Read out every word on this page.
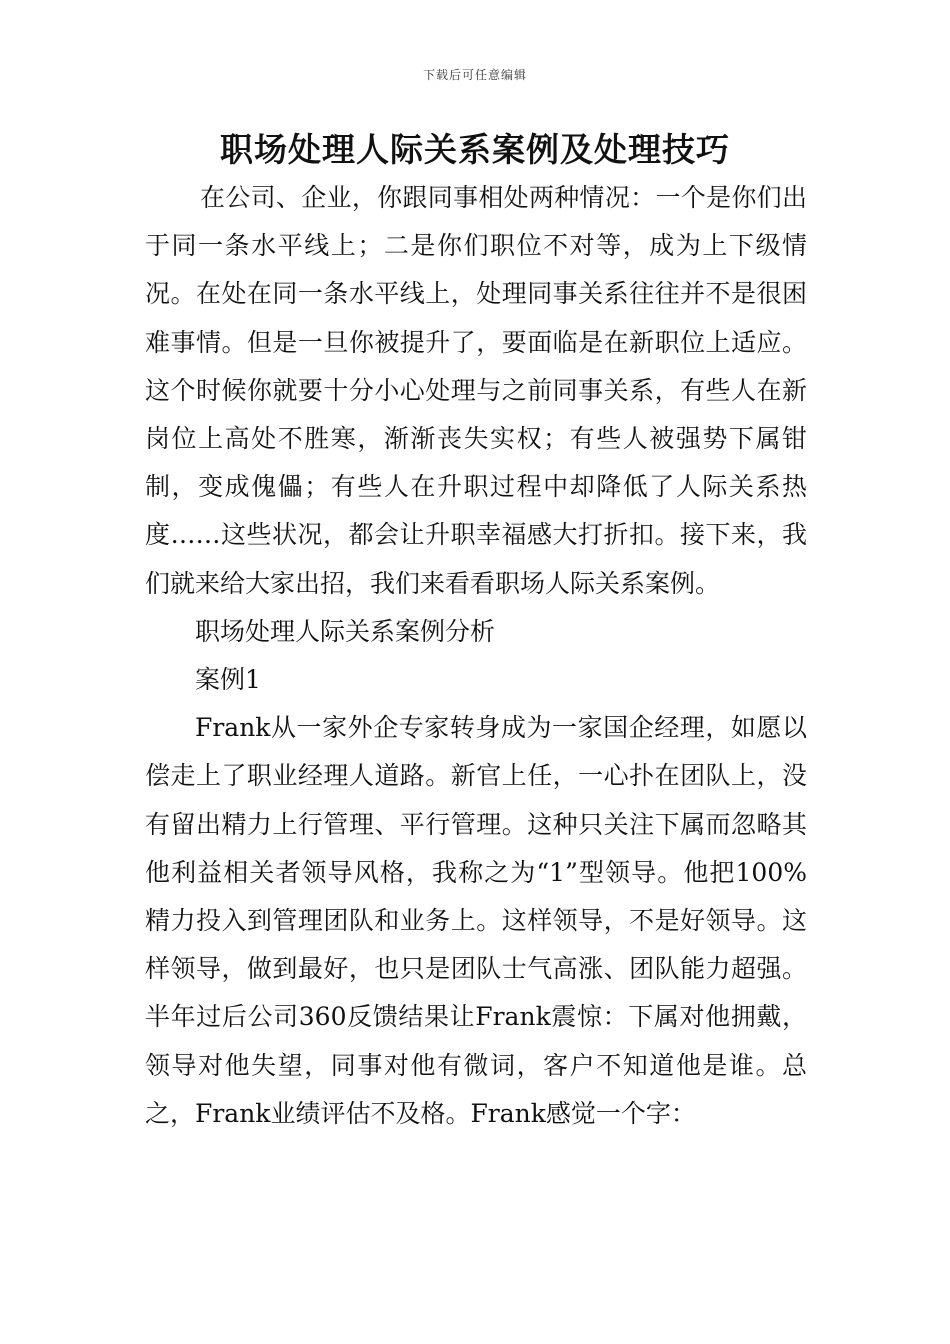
下载后可任意编辑
职场处理人际关系案例及处理技巧

在公司、企业，你跟同事相处两种情况：一个是你们出于同一条水平线上；二是你们职位不对等，成为上下级情况。在处在同一条水平线上，处理同事关系往往并不是很困难事情。但是一旦你被提升了，要面临是在新职位上适应。这个时候你就要十分小心处理与之前同事关系，有些人在新岗位上高处不胜寒，渐渐丧失实权；有些人被强势下属钳制，变成傀儡；有些人在升职过程中却降低了人际关系热度……这些状况，都会让升职幸福感大打折扣。接下来，我们就来给大家出招，我们来看看职场人际关系案例。

职场处理人际关系案例分析

案例1

Frank从一家外企专家转身成为一家国企经理，如愿以偿走上了职业经理人道路。新官上任，一心扑在团队上，没有留出精力上行管理、平行管理。这种只关注下属而忽略其他利益相关者领导风格，我称之为“1”型领导。他把100%精力投入到管理团队和业务上。这样领导，不是好领导。这样领导，做到最好，也只是团队士气高涨、团队能力超强。半年过后公司360反馈结果让Frank震惊：下属对他拥戴，领导对他失望，同事对他有微词，客户不知道他是谁。总之，Frank业绩评估不及格。Frank感觉一个字：
